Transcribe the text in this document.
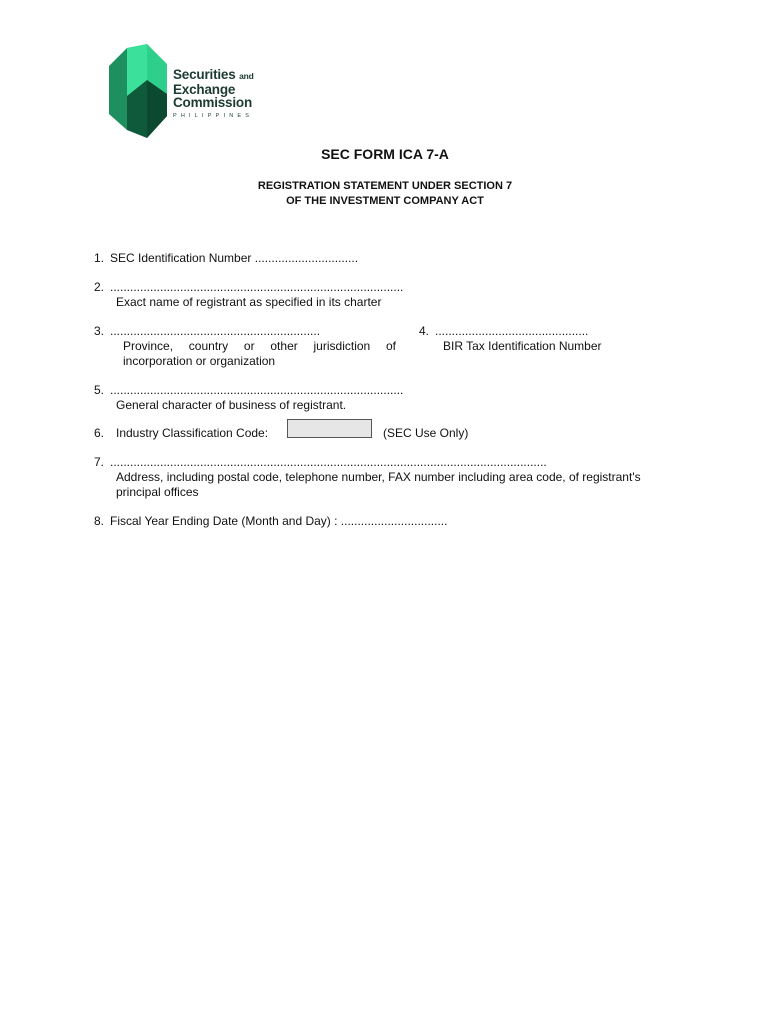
Securities and
Exchange
Commission
PHILIPPINES
SEC FORM ICA 7-A
REGISTRATION STATEMENT UNDER SECTION 7
OF THE INVESTMENT COMPANY ACT
1. SEC Identification Number ...............................
2. ........................................................................................
Exact name of registrant as specified in its charter
3. ...............................................................
Province, country or other jurisdiction of incorporation or organization
4. ..............................................
BIR Tax Identification Number
5. ........................................................................................
General character of business of registrant.
6. Industry Classification Code:	(SEC Use Only)
7. ...................................................................................................................................
Address, including postal code, telephone number, FAX number including area code, of registrant's principal offices
8. Fiscal Year Ending Date (Month and Day) : ................................
